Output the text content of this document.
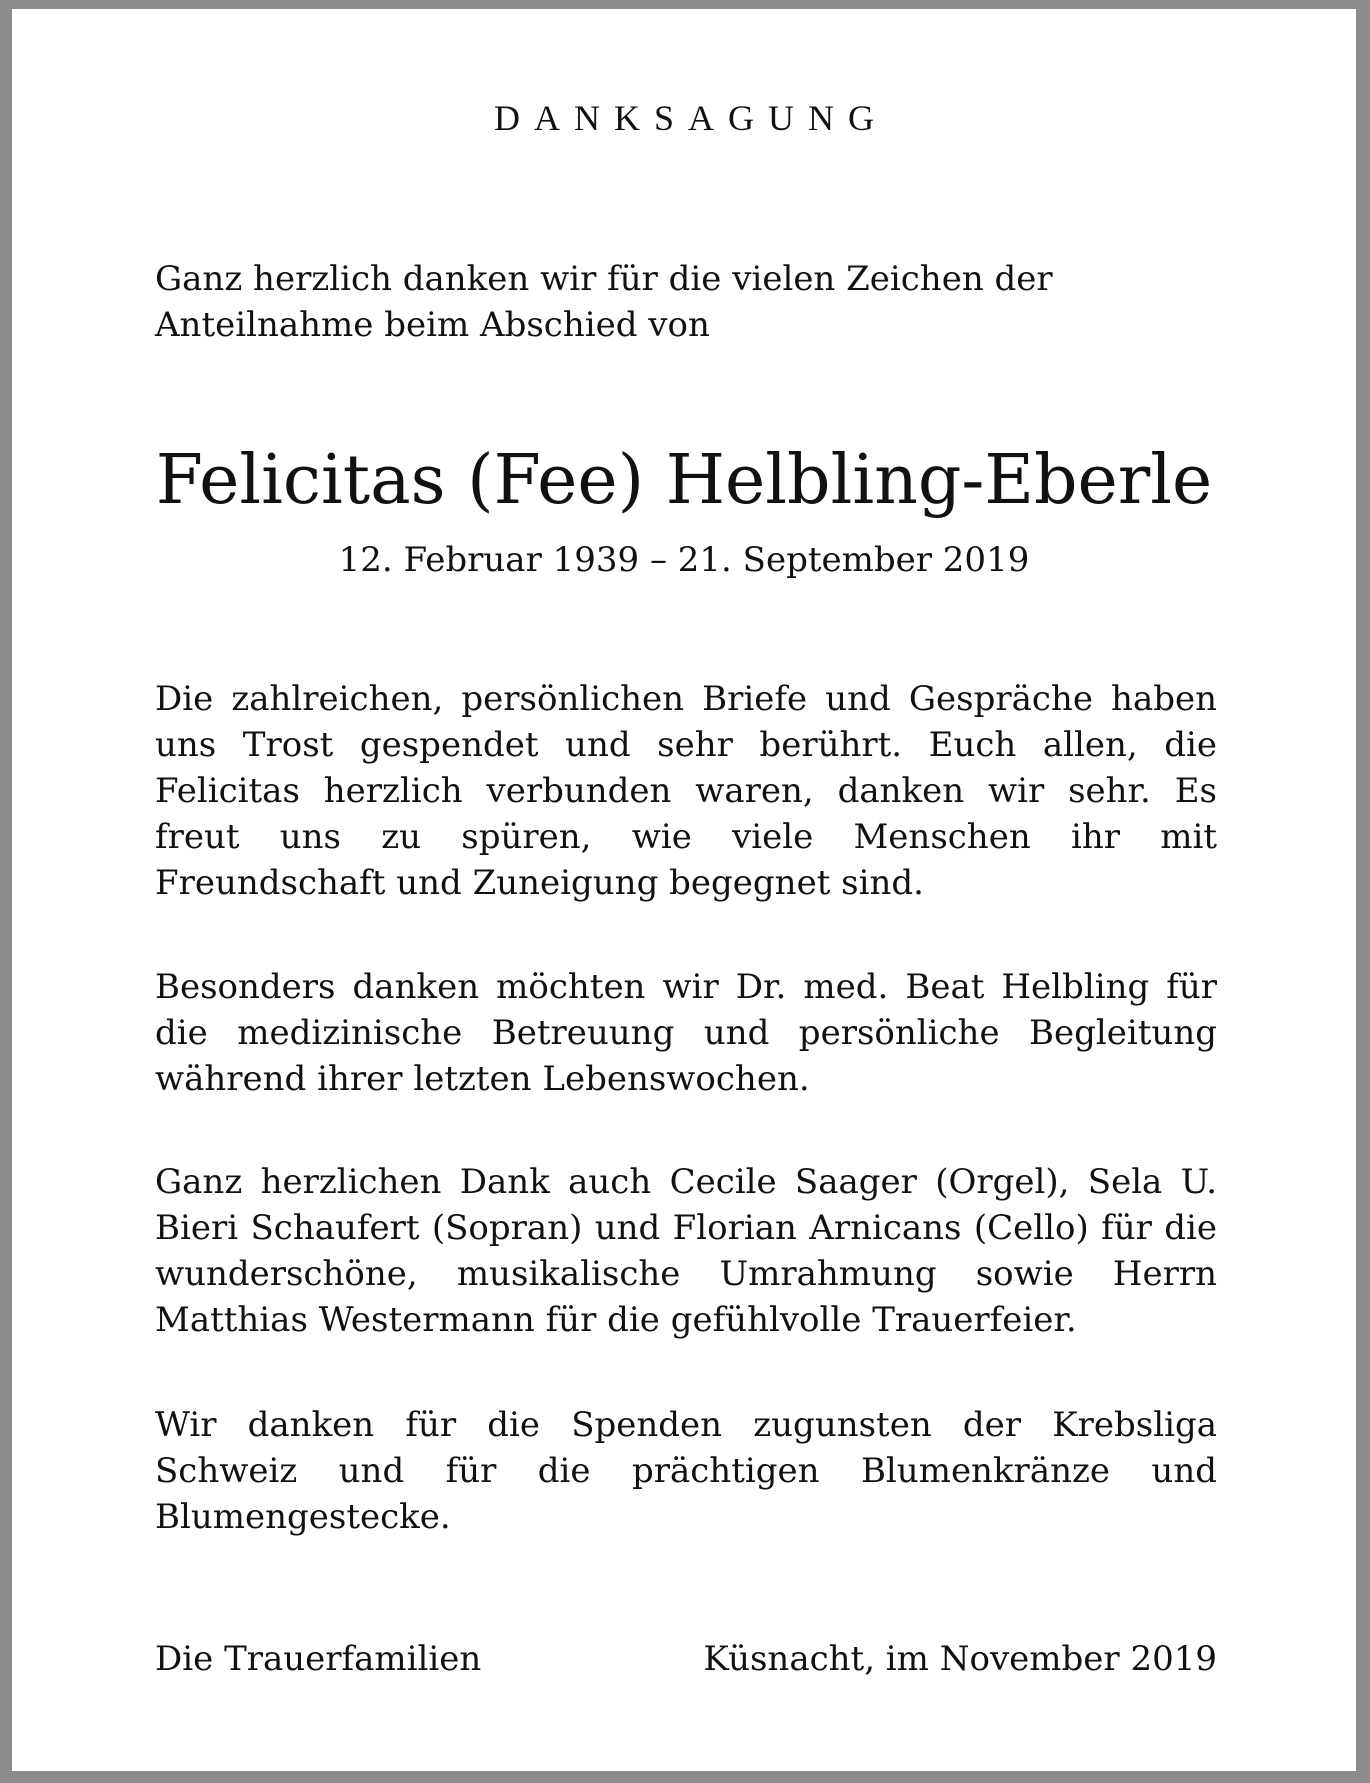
DANKSAGUNG
Ganz herzlich danken wir für die vielen Zeichen der Anteilnahme beim Abschied von
Felicitas (Fee) Helbling-Eberle
12. Februar 1939 – 21. September 2019
Die zahlreichen, persönlichen Briefe und Gespräche haben uns Trost gespendet und sehr berührt. Euch allen, die Felicitas herzlich verbunden waren, danken wir sehr. Es freut uns zu spüren, wie viele Menschen ihr mit Freundschaft und Zuneigung begegnet sind.
Besonders danken möchten wir Dr. med. Beat Helbling für die medizinische Betreuung und persönliche Begleitung während ihrer letzten Lebenswochen.
Ganz herzlichen Dank auch Cecile Saager (Orgel), Sela U. Bieri Schaufert (Sopran) und Florian Arnicans (Cello) für die wunderschöne, musikalische Umrahmung sowie Herrn Matthias Westermann für die gefühlvolle Trauerfeier.
Wir danken für die Spenden zugunsten der Krebsliga Schweiz und für die prächtigen Blumenkränze und Blumengestecke.
Die Trauerfamilien	Küsnacht, im November 2019
